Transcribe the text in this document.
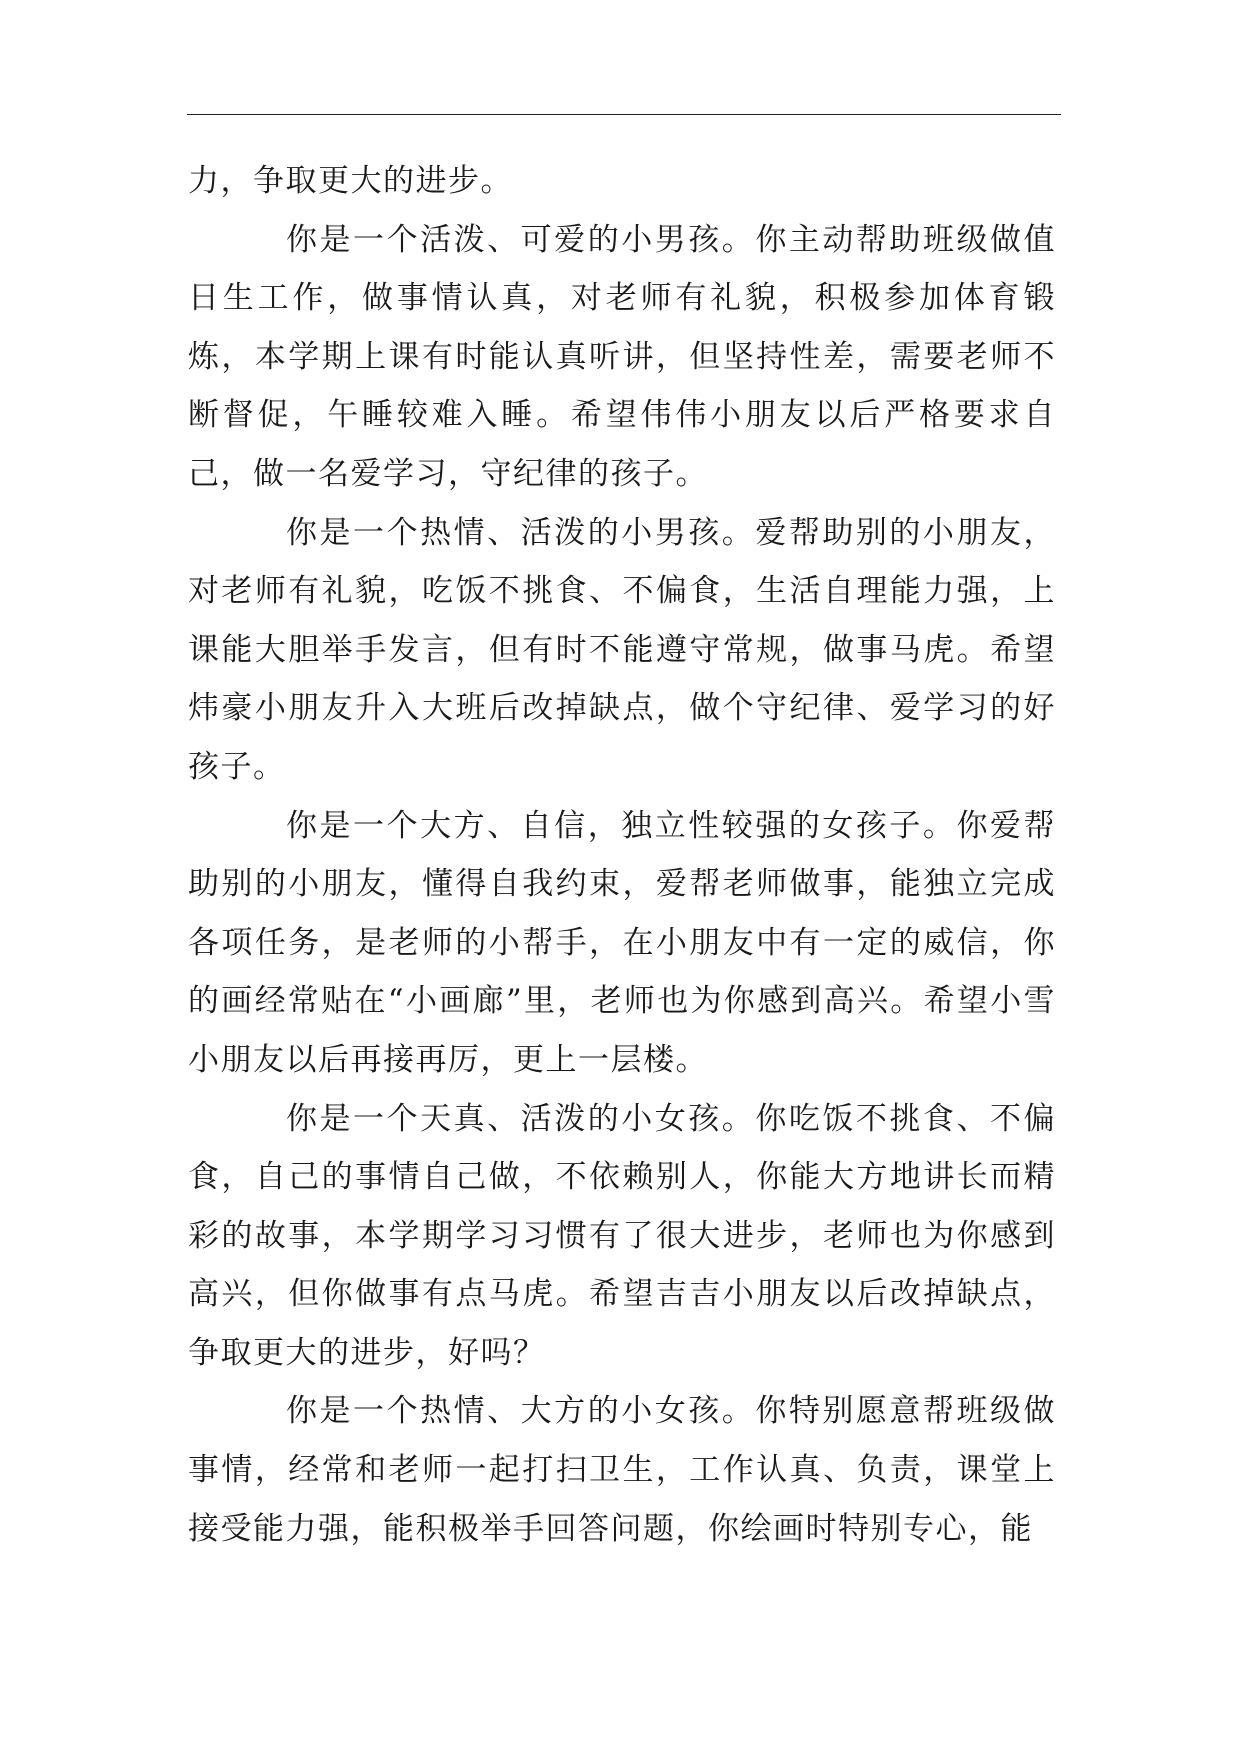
力，争取更大的进步。

你是一个活泼、可爱的小男孩。你主动帮助班级做值日生工作，做事情认真，对老师有礼貌，积极参加体育锻炼，本学期上课有时能认真听讲，但坚持性差，需要老师不断督促，午睡较难入睡。希望伟伟小朋友以后严格要求自己，做一名爱学习，守纪律的孩子。

你是一个热情、活泼的小男孩。爱帮助别的小朋友，对老师有礼貌，吃饭不挑食、不偏食，生活自理能力强，上课能大胆举手发言，但有时不能遵守常规，做事马虎。希望炜豪小朋友升入大班后改掉缺点，做个守纪律、爱学习的好孩子。

你是一个大方、自信，独立性较强的女孩子。你爱帮助别的小朋友，懂得自我约束，爱帮老师做事，能独立完成各项任务，是老师的小帮手，在小朋友中有一定的威信，你的画经常贴在“小画廊”里，老师也为你感到高兴。希望小雪小朋友以后再接再厉，更上一层楼。

你是一个天真、活泼的小女孩。你吃饭不挑食、不偏食，自己的事情自己做，不依赖别人，你能大方地讲长而精彩的故事，本学期学习习惯有了很大进步，老师也为你感到高兴，但你做事有点马虎。希望吉吉小朋友以后改掉缺点，争取更大的进步，好吗？

你是一个热情、大方的小女孩。你特别愿意帮班级做事情，经常和老师一起打扫卫生，工作认真、负责，课堂上接受能力强，能积极举手回答问题，你绘画时特别专心，能
